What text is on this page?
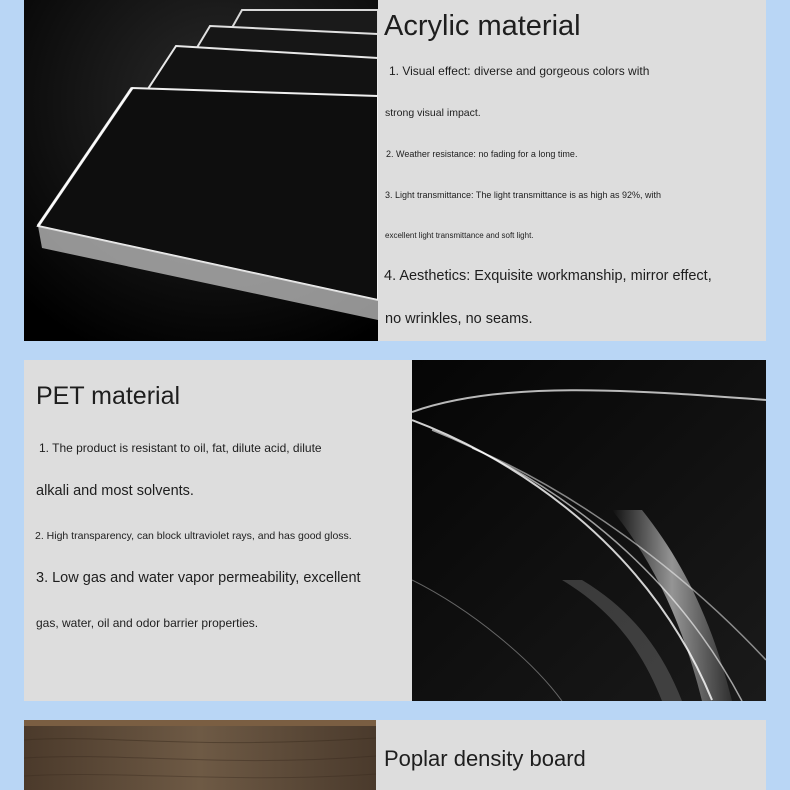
Acrylic material
1. Visual effect: diverse and gorgeous colors with
strong visual impact.
2. Weather resistance: no fading for a long time.
3. Light transmittance: The light transmittance is as high as 92%, with
excellent light transmittance and soft light.
4. Aesthetics: Exquisite workmanship, mirror effect,
no wrinkles, no seams.
PET material
1. The product is resistant to oil, fat, dilute acid, dilute
alkali and most solvents.
2. High transparency, can block ultraviolet rays, and has good gloss.
3. Low gas and water vapor permeability, excellent
gas, water, oil and odor barrier properties.
Poplar density board
